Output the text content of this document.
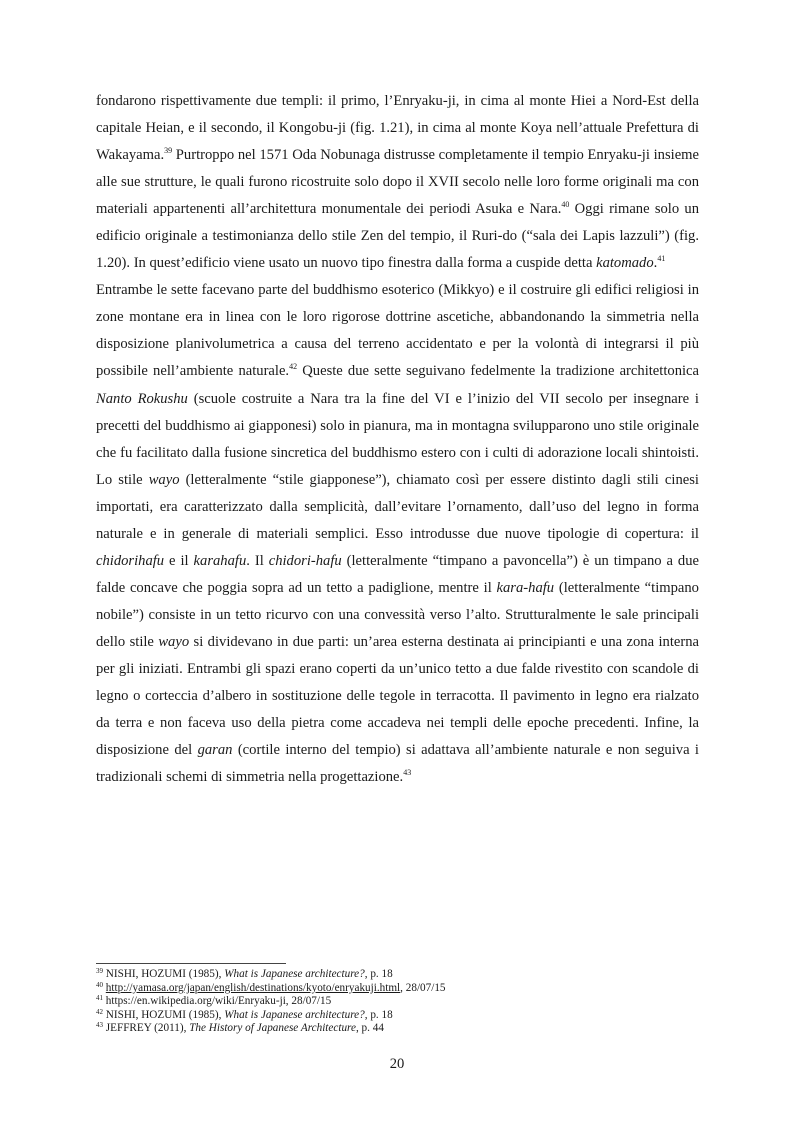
fondarono rispettivamente due templi: il primo, l’Enryaku-ji, in cima al monte Hiei a Nord-Est della capitale Heian, e il secondo, il Kongobu-ji (fig. 1.21), in cima al monte Koya nell’attuale Prefettura di Wakayama.$^{39}$ Purtroppo nel 1571 Oda Nobunaga distrusse completamente il tempio Enryaku-ji insieme alle sue strutture, le quali furono ricostruite solo dopo il XVII secolo nelle loro forme originali ma con materiali appartenenti all’architettura monumentale dei periodi Asuka e Nara.$^{40}$ Oggi rimane solo un edificio originale a testimonianza dello stile Zen del tempio, il Ruri-do (“sala dei Lapis lazzuli”) (fig. 1.20). In quest’edificio viene usato un nuovo tipo finestra dalla forma a cuspide detta katomado.$^{41}$

Entrambe le sette facevano parte del buddhismo esoterico (Mikkyo) e il costruire gli edifici religiosi in zone montane era in linea con le loro rigorose dottrine ascetiche, abbandonando la simmetria nella disposizione planivolumetrica a causa del terreno accidentato e per la volontà di integrarsi il più possibile nell’ambiente naturale.$^{42}$ Queste due sette seguivano fedelmente la tradizione architettonica Nanto Rokushu (scuole costruite a Nara tra la fine del VI e l’inizio del VII secolo per insegnare i precetti del buddhismo ai giapponesi) solo in pianura, ma in montagna svilupparono uno stile originale che fu facilitato dalla fusione sincretica del buddhismo estero con i culti di adorazione locali shintoisti. Lo stile wayo (letteralmente “stile giapponese”), chiamato così per essere distinto dagli stili cinesi importati, era caratterizzato dalla semplicità, dall’evitare l’ornamento, dall’uso del legno in forma naturale e in generale di materiali semplici. Esso introdusse due nuove tipologie di copertura: il chidorihafu e il karahafu. Il chidori-hafu (letteralmente “timpano a pavoncella”) è un timpano a due falde concave che poggia sopra ad un tetto a padiglione, mentre il kara-hafu (letteralmente “timpano nobile”) consiste in un tetto ricurvo con una convessità verso l’alto. Strutturalmente le sale principali dello stile wayo si dividevano in due parti: un’area esterna destinata ai principianti e una zona interna per gli iniziati. Entrambi gli spazi erano coperti da un’unico tetto a due falde rivestito con scandole di legno o corteccia d’albero in sostituzione delle tegole in terracotta. Il pavimento in legno era rialzato da terra e non faceva uso della pietra come accadeva nei templi delle epoche precedenti. Infine, la disposizione del garan (cortile interno del tempio) si adattava all’ambiente naturale e non seguiva i tradizionali schemi di simmetria nella progettazione.$^{43}$

$^{39}$ NISHI, HOZUMI (1985), What is Japanese architecture?, p. 18

$^{40}$ http://yamasa.org/japan/english/destinations/kyoto/enryakuji.html, 28/07/15

$^{41}$ https://en.wikipedia.org/wiki/Enryaku-ji, 28/07/15

$^{42}$ NISHI, HOZUMI (1985), What is Japanese architecture?, p. 18

$^{43}$ JEFFREY (2011), The History of Japanese Architecture, p. 44

20
